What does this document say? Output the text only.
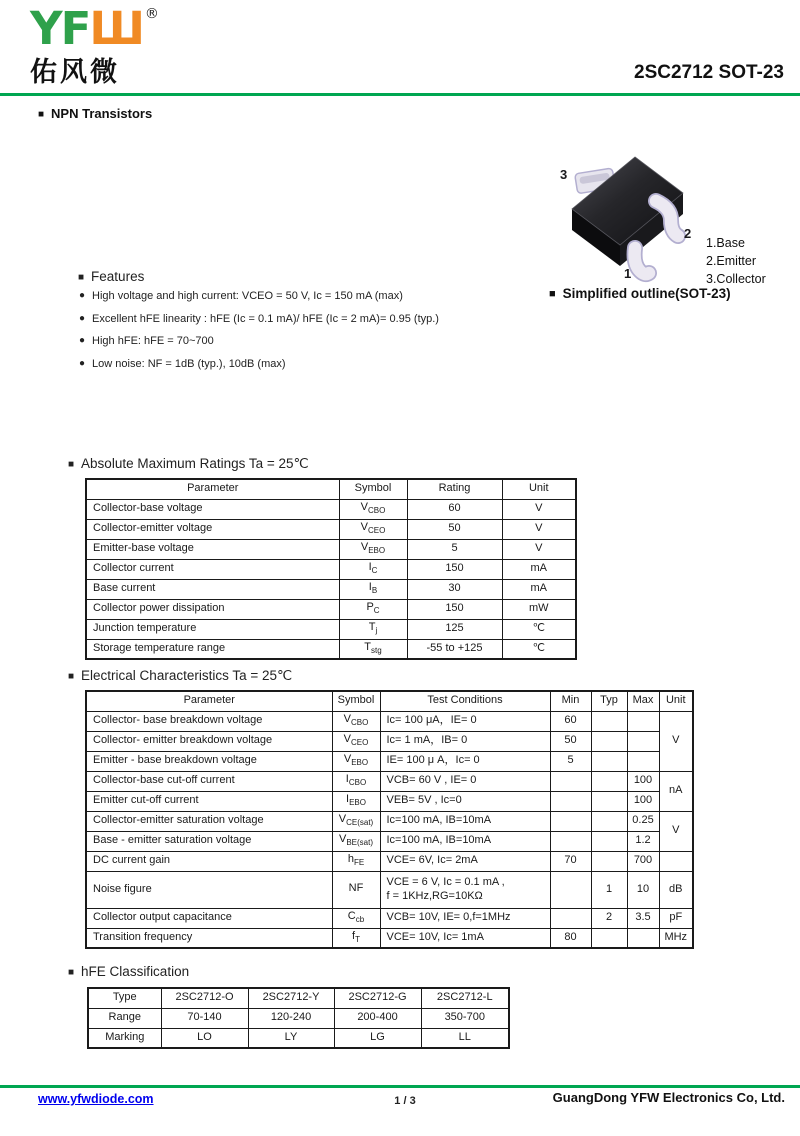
YFШ ®
佑风微	2SC2712 SOT-23
■ NPN Transistors
3
2
1
1.Base
2.Emitter
3.Collector
■ Simplified outline(SOT-23)
■ Features
● High voltage and high current: VCEO = 50 V, Ic = 150 mA (max)
● Excellent hFE linearity : hFE (Ic = 0.1 mA)/ hFE (Ic = 2 mA)= 0.95 (typ.)
● High hFE: hFE = 70~700
● Low noise: NF = 1dB (typ.), 10dB (max)
■ Absolute Maximum Ratings Ta = 25℃
Parameter	Symbol	Rating	Unit
Collector-base voltage	$V_{CBO}$	60	V
Collector-emitter voltage	$V_{CEO}$	50	V
Emitter-base voltage	$V_{EBO}$	5	V
Collector current	$I_C$	150	mA
Base current	$I_B$	30	mA
Collector power dissipation	$P_C$	150	mW
Junction temperature	$T_j$	125	℃
Storage temperature range	$T_{stg}$	-55 to +125	℃
■ Electrical Characteristics Ta = 25℃
Parameter	Symbol	Test Conditions	Min	Typ	Max	Unit
Collector- base breakdown voltage	$V_{CBO}$	Ic= 100 μA，IE= 0	60			V
Collector- emitter breakdown voltage	$V_{CEO}$	Ic= 1 mA，IB= 0	50			
Emitter - base breakdown voltage	$V_{EBO}$	IE= 100 μ A，Ic= 0	5			
Collector-base cut-off current	$I_{CBO}$	VCB= 60 V , IE= 0			100	nA
Emitter cut-off current	$I_{EBO}$	VEB= 5V , Ic=0			100	
Collector-emitter saturation voltage	$V_{CE(sat)}$	Ic=100 mA, IB=10mA			0.25	V
Base - emitter saturation voltage	$V_{BE(sat)}$	Ic=100 mA, IB=10mA			1.2	
DC current gain	$h_{FE}$	VCE= 6V, Ic= 2mA	70		700	
Noise figure	NF	VCE = 6 V, Ic = 0.1 mA ,
f = 1KHz,RG=10KΩ		1	10	dB
Collector output capacitance	$C_{cb}$	VCB= 10V, IE= 0,f=1MHz		2	3.5	pF
Transition frequency	$f_T$	VCE= 10V, Ic= 1mA	80			MHz
■ hFE Classification
Type	2SC2712-O	2SC2712-Y	2SC2712-G	2SC2712-L
Range	70-140	120-240	200-400	350-700
Marking	LO	LY	LG	LL
www.yfwdiode.com	1 / 3	GuangDong YFW Electronics Co, Ltd.
